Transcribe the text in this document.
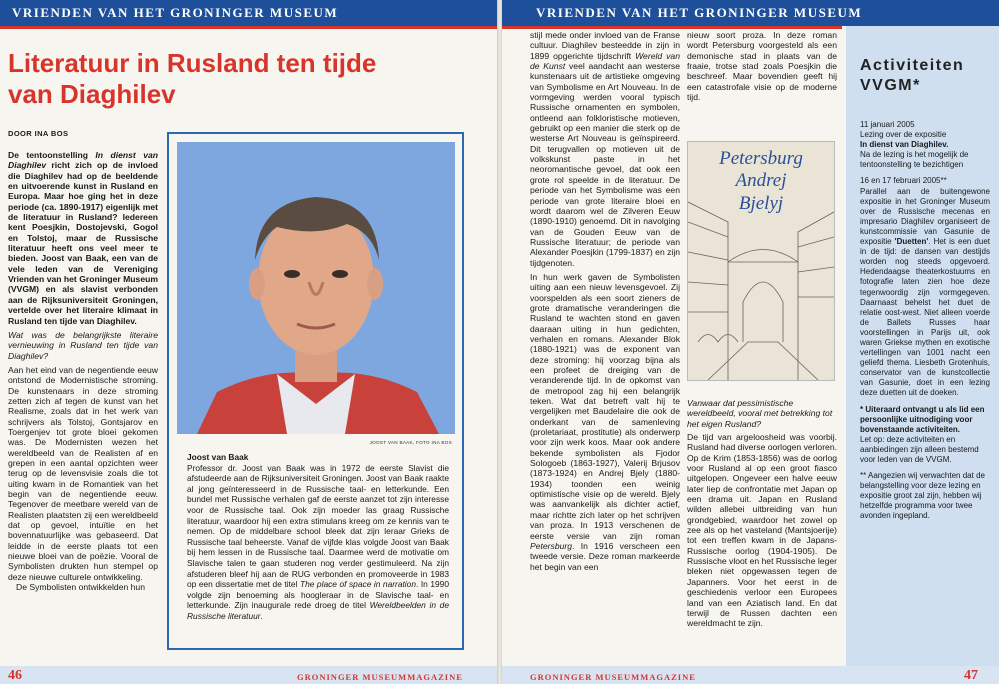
VRIENDEN VAN HET GRONINGER MUSEUM
Literatuur in Rusland ten tijde van Diaghilev
DOOR INA BOS

De tentoonstelling In dienst van Diaghilev richt zich op de invloed die Diaghilev had op de beeldende en uitvoerende kunst in Rusland en Europa. Maar hoe ging het in deze periode (ca. 1890-1917) eigenlijk met de literatuur in Rusland? Iedereen kent Poesjkin, Dostojevski, Gogol en Tolstoj, maar de Russische literatuur heeft ons veel meer te bieden. Joost van Baak, een van de vele leden van de Vereniging Vrienden van het Groninger Museum (VVGM) en als slavist verbonden aan de Rijksuniversiteit Groningen, vertelde over het literaire klimaat in Rusland ten tijde van Diaghilev.

Wat was de belangrijkste literaire vernieuwing in Rusland ten tijde van Diaghilev?

Aan het eind van de negentiende eeuw ontstond de Modernistische stroming. De kunstenaars in deze stroming zetten zich af tegen de kunst van het Realisme, zoals dat in het werk van schrijvers als Tolstoj, Gontsjarov en Toergenjev tot grote bloei gekomen was. De Modernisten wezen het wereldbeeld van de Realisten af en grepen in een aantal opzichten weer terug op de levensvisie zoals die tot uiting kwam in de Romantiek van het begin van de negentiende eeuw. Tegenover de meetbare wereld van de Realisten plaatsten zij een wereldbeeld dat op gevoel, intuïtie en het bovennatuurlijke was gebaseerd. Dat leidde in de eerste plaats tot een nieuwe bloei van de poëzie. Vooral de Symbolisten drukten hun stempel op deze nieuwe culturele ontwikkeling.

De Symbolisten ontwikkelden hun

JOOST VAN BAAK, FOTO INA BOS
Joost van Baak
Professor dr. Joost van Baak was in 1972 de eerste Slavist die afstudeerde aan de Rijksuniversiteit Groningen. Joost van Baak raakte al jong geïnteresseerd in de Russische taal- en letterkunde. Een bundel met Russische verhalen gaf de eerste aanzet tot zijn interesse voor de Russische taal. Ook zijn moeder las graag Russische literatuur, waardoor hij een extra stimulans kreeg om ze kennis van te nemen. Op de middelbare school bleek dat zijn leraar Grieks de Russische taal beheerste. Vanaf de vijfde klas volgde Joost van Baak bij hem lessen in de Russische taal. Daarmee werd de motivatie om Slavische talen te gaan studeren nog verder gestimuleerd. Na zijn afstuderen bleef hij aan de RUG verbonden en promoveerde in 1983 op een dissertatie met de titel The place of space in narration. In 1990 volgde zijn benoeming als hoogleraar in de Slavische taal- en letterkunde. Zijn inaugurale rede droeg de titel Wereldbeelden in de Russische literatuur.
46	GRONINGER MUSEUMMAGAZINE
VRIENDEN VAN HET GRONINGER MUSEUM

stijl mede onder invloed van de Franse cultuur. Diaghilev besteedde in zijn in 1899 opgerichte tijdschrift Wereld van de Kunst veel aandacht aan westerse kunstenaars uit de artistieke omgeving van Symbolisme en Art Nouveau. In de vormgeving werden vooral typisch Russische ornamenten en symbolen, ontleend aan folkloristische motieven, gebruikt op een manier die sterk op de westerse Art Nouveau is geïnspireerd. Dit terugvallen op motieven uit de volkskunst paste in het neoromantische gevoel, dat ook een grote rol speelde in de literatuur. De periode van het Symbolisme was een periode van grote literaire bloei en wordt daarom wel de Zilveren Eeuw (1890-1910) genoemd. Dit in navolging van de Gouden Eeuw van de Russische literatuur; de periode van Alexander Poesjkin (1799-1837) en zijn tijdgenoten.

In hun werk gaven de Symbolisten uiting aan een nieuw levensgevoel. Zij voorspelden als een soort zieners de grote dramatische veranderingen die Rusland te wachten stond en gaven daaraan uiting in hun gedichten, verhalen en romans. Alexander Blok (1880-1921) was de exponent van deze stroming: hij voorzag bijna als een profeet de dreiging van de veranderende tijd. In de opkomst van de metropool zag hij een belangrijk teken. Wat dat betreft valt hij te vergelijken met Baudelaire die ook de onderkant van de samenleving (proletariaat, prostitutie) als onderwerp voor zijn werk koos. Maar ook andere bekende symbolisten als Fjodor Sologoeb (1863-1927), Valerij Brjusov (1873-1924) en Andrej Bjely (1880-1934) toonden een weinig optimistische visie op de wereld. Bjely was aanvankelijk als dichter actief, maar richtte zich later op het schrijven van proza. In 1913 verschenen de eerste versie van zijn roman Petersburg. In 1916 verscheen een tweede versie. Deze roman markeerde het begin van een

nieuw soort proza. In deze roman wordt Petersburg voorgesteld als een demonische stad in plaats van de fraaie, trotse stad zoals Poesjkin die beschreef. Maar bovendien geeft hij een catastrofale visie op de moderne tijd.

Petersburg
Andrej
Bjelyj
Vanwaar dat pessimistische wereldbeeld, vooral met betrekking tot het eigen Rusland?

De tijd van argeloosheid was voorbij. Rusland had diverse oorlogen verloren. Op de Krim (1853-1856) was de oorlog voor Rusland al op een groot fiasco uitgelopen. Ongeveer een halve eeuw later liep de confrontatie met Japan op een drama uit. Japan en Rusland wilden allebei uitbreiding van hun grondgebied, waardoor het zowel op zee als op het vasteland (Mantsjoerije) tot een treffen kwam in de Japans-Russische oorlog (1904-1905). De Russische vloot en het Russische leger bleken niet opgewassen tegen de Japanners. Voor het eerst in de geschiedenis verloor een Europees land van een Aziatisch land. En dat terwijl de Russen dachten een wereldmacht te zijn.

Activiteiten VVGM*

11 januari 2005
Lezing over de expositie
In dienst van Diaghilev.
Na de lezing is het mogelijk de tentoonstelling te bezichtigen

16 en 17 februari 2005**
Parallel aan de buitengewone expositie in het Groninger Museum over de Russische mecenas en impresario Diaghilev organiseert de kunstcommissie van Gasunie de expositie 'Duetten'. Het is een duet in de tijd: de dansen van destijds worden nog steeds opgevoerd. Hedendaagse theaterkostuums en fotografie laten zien hoe deze tegenwoordig zijn vormgegeven. Daarnaast behelst het duet de relatie oost-west. Niet alleen voerde de Ballets Russes haar voorstellingen in Parijs uit, ook waren Griekse mythen en exotische vertellingen van 1001 nacht een geliefd thema. Liesbeth Grotenhuis, conservator van de kunstcollectie van Gasunie, doet in een lezing deze duetten uit de doeken.

* Uiteraard ontvangt u als lid een persoonlijke uitnodiging voor bovenstaande activiteiten.

Let op: deze activiteiten en aanbiedingen zijn alleen bestemd voor leden van de VVGM.

** Aangezien wij verwachten dat de belangstelling voor deze lezing en expositie groot zal zijn, hebben wij hetzelfde programma voor twee avonden ingepland.

GRONINGER MUSEUMMAGAZINE	47
